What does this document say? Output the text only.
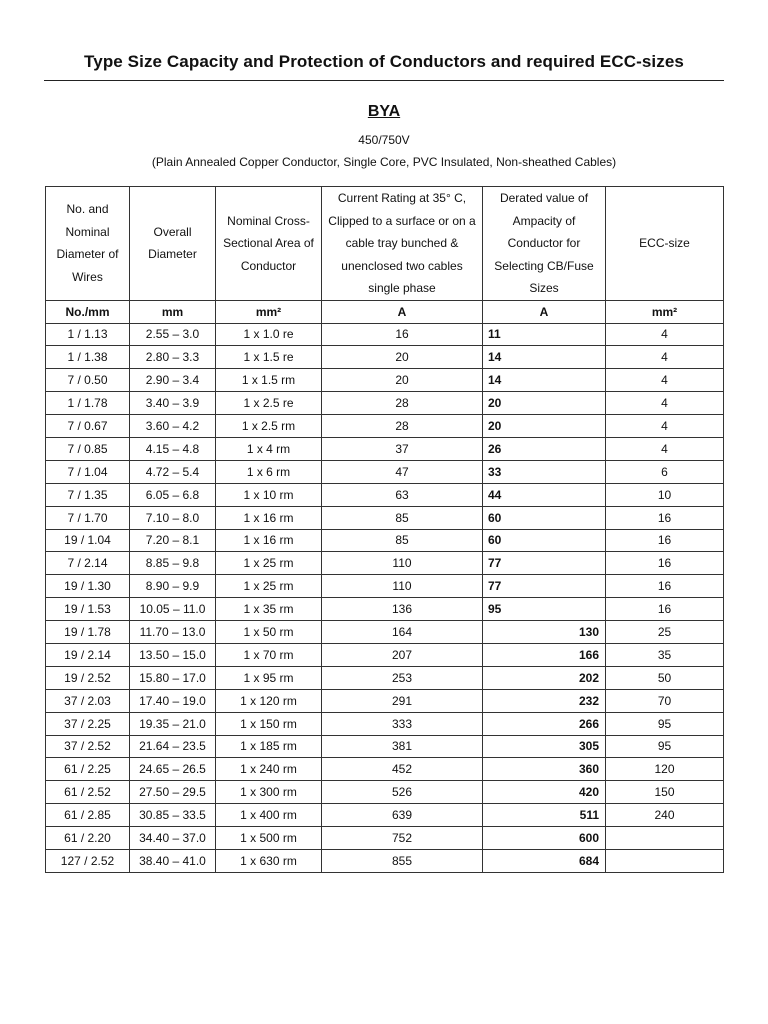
Type Size Capacity and Protection of Conductors and required ECC-sizes
BYA
450/750V
(Plain Annealed Copper Conductor, Single Core, PVC Insulated, Non-sheathed Cables)
No. and Nominal Diameter of Wires	Overall Diameter	Nominal Cross-Sectional Area of Conductor	Current Rating at 35° C, Clipped to a surface or on a cable tray bunched & unenclosed two cables single phase	Derated value of Ampacity of Conductor for Selecting CB/Fuse Sizes	ECC-size
No./mm	mm	mm²	A	A	mm²
1 / 1.13	2.55 – 3.0	1 x 1.0 re	16	11	4
1 / 1.38	2.80 – 3.3	1 x 1.5 re	20	14	4
7 / 0.50	2.90 – 3.4	1 x 1.5 rm	20	14	4
1 / 1.78	3.40 – 3.9	1 x 2.5 re	28	20	4
7 / 0.67	3.60 – 4.2	1 x 2.5 rm	28	20	4
7 / 0.85	4.15 – 4.8	1 x 4 rm	37	26	4
7 / 1.04	4.72 – 5.4	1 x 6 rm	47	33	6
7 / 1.35	6.05 – 6.8	1 x 10 rm	63	44	10
7 / 1.70	7.10 – 8.0	1 x 16 rm	85	60	16
19 / 1.04	7.20 – 8.1	1 x 16 rm	85	60	16
7 / 2.14	8.85 – 9.8	1 x 25 rm	110	77	16
19 / 1.30	8.90 – 9.9	1 x 25 rm	110	77	16
19 / 1.53	10.05 – 11.0	1 x 35 rm	136	95	16
19 / 1.78	11.70 – 13.0	1 x 50 rm	164	130	25
19 / 2.14	13.50 – 15.0	1 x 70 rm	207	166	35
19 / 2.52	15.80 – 17.0	1 x 95 rm	253	202	50
37 / 2.03	17.40 – 19.0	1 x 120 rm	291	232	70
37 / 2.25	19.35 – 21.0	1 x 150 rm	333	266	95
37 / 2.52	21.64 – 23.5	1 x 185 rm	381	305	95
61 / 2.25	24.65 – 26.5	1 x 240 rm	452	360	120
61 / 2.52	27.50 – 29.5	1 x 300 rm	526	420	150
61 / 2.85	30.85 – 33.5	1 x 400 rm	639	511	240
61 / 2.20	34.40 – 37.0	1 x 500 rm	752	600	
127 / 2.52	38.40 – 41.0	1 x 630 rm	855	684	
